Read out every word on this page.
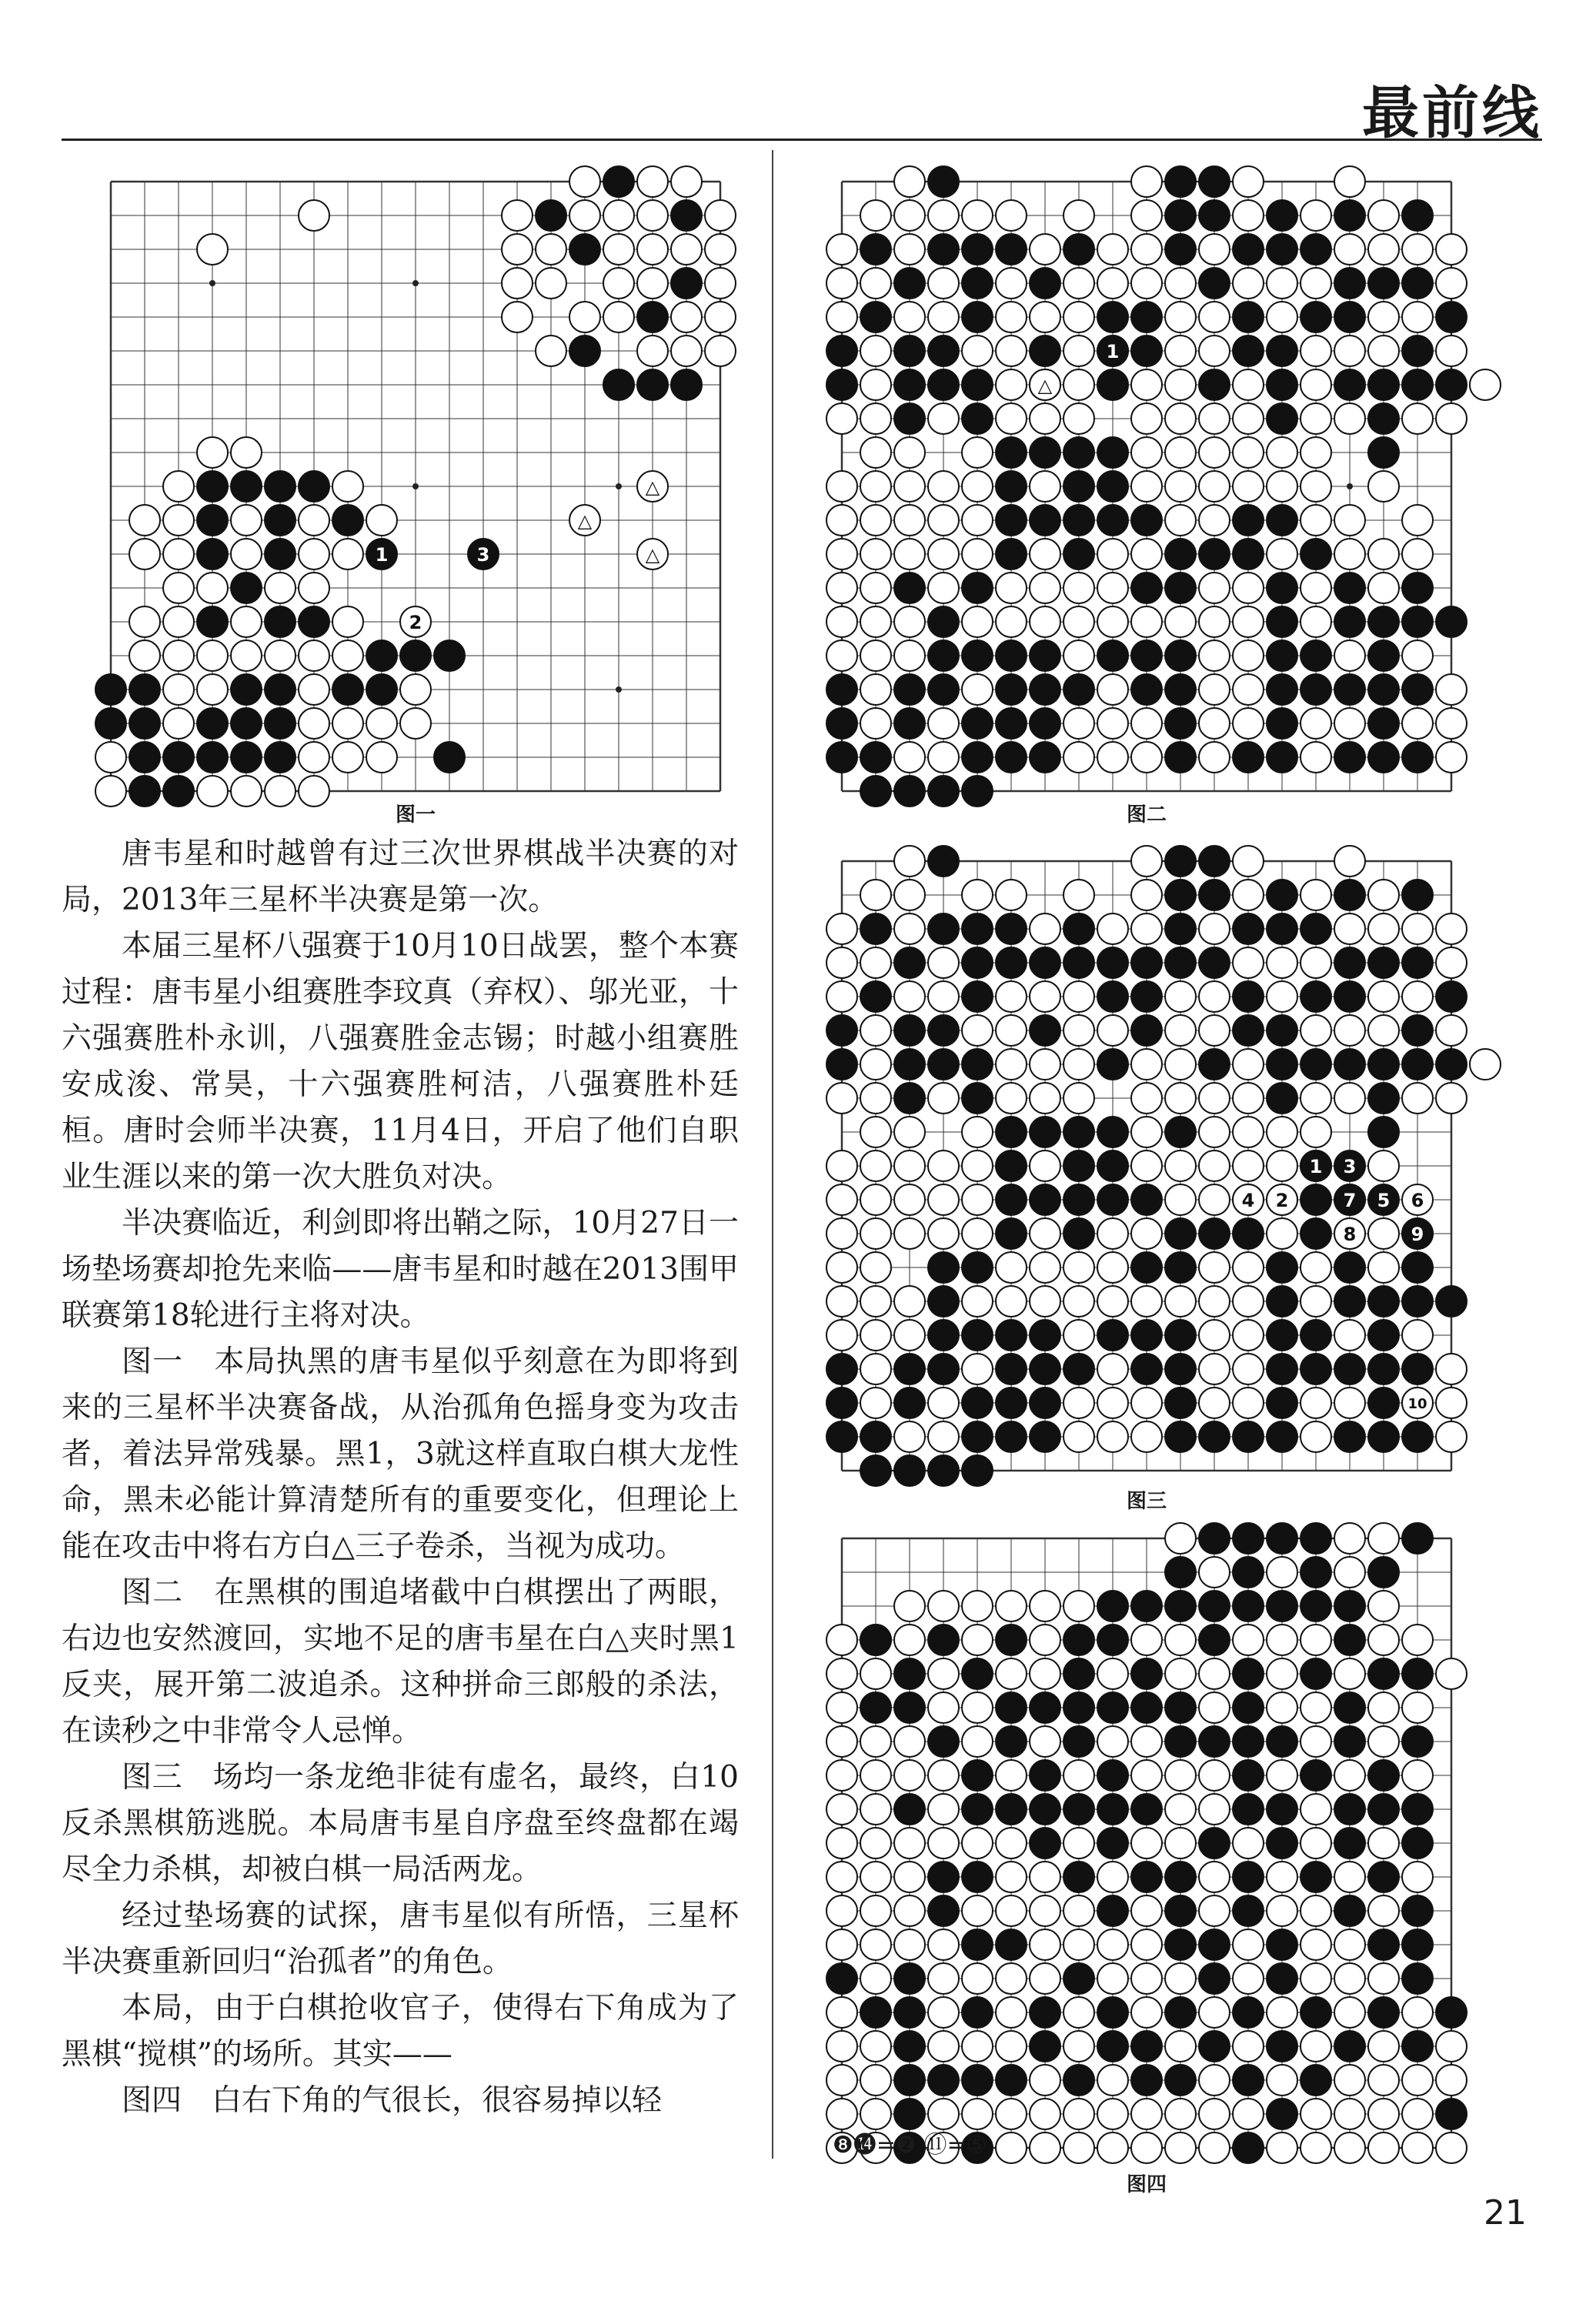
最前线
1	3
2
△
△
△
图一
1
△
图二
1
2
3
4	5 6
7
8	9
10
图三
图四

唐韦星和时越曾有过三次世界棋战半决赛的对局，2013年三星杯半决赛是第一次。

本届三星杯八强赛于10月10日战罢，整个本赛过程：唐韦星小组赛胜李玟真（弃权）、邬光亚，十六强赛胜朴永训，八强赛胜金志锡；时越小组赛胜安成浚、常昊，十六强赛胜柯洁，八强赛胜朴廷桓。唐时会师半决赛，11月4日，开启了他们自职业生涯以来的第一次大胜负对决。

半决赛临近，利剑即将出鞘之际，10月27日一场垫场赛却抢先来临——唐韦星和时越在2013围甲联赛第18轮进行主将对决。

图一　本局执黑的唐韦星似乎刻意在为即将到来的三星杯半决赛备战，从治孤角色摇身变为攻击者，着法异常残暴。黑1，3就这样直取白棋大龙性命，黑未必能计算清楚所有的重要变化，但理论上能在攻击中将右方白△三子卷杀，当视为成功。

图二　在黑棋的围追堵截中白棋摆出了两眼，右边也安然渡回，实地不足的唐韦星在白△夹时黑1反夹，展开第二波追杀。这种拼命三郎般的杀法，在读秒之中非常令人忌惮。

图三　场均一条龙绝非徒有虚名，最终，白10反杀黑棋筋逃脱。本局唐韦星自序盘至终盘都在竭尽全力杀棋，却被白棋一局活两龙。

经过垫场赛的试探，唐韦星似有所悟，三星杯半决赛重新回归“治孤者”的角色。

本局，由于白棋抢收官子，使得右下角成为了黑棋“搅棋”的场所。其实——

图四　白右下角的气很长，很容易掉以轻

❽⓮=❷ ⑪=⑤
21
